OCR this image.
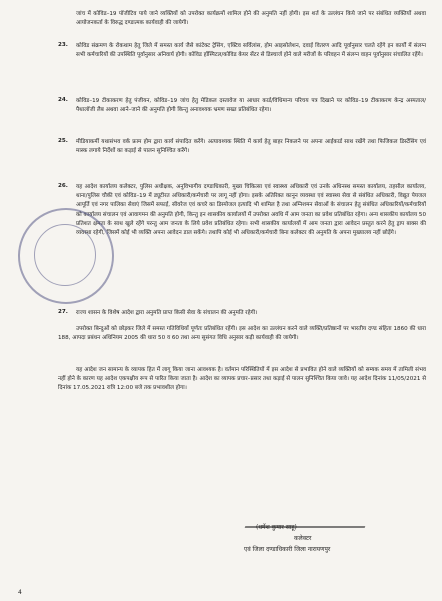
जांच में कोविड–19 पॉजीटिव पाये जाने व्यक्तियों को उपरोक्त कार्यक्रमों शामिल होने की अनुमति नहीं होगी। इस शर्त के उल्लंघन किये जाने पर संबंधित व्यक्तियों अथवा आयोजनकर्ता के विरुद्ध दण्डात्मक कार्यवाही की जायेगी।
23. कोविड संक्रमण के रोकथाम हेतु जिले में समस्त कार्य जैसे कांटेक्ट ट्रेसिंग, एक्टिव सर्विलांस, होम आइसोलेशन, दवाई वितरण आदि पूर्वानुसार चलते रहेंगे इन कार्यों में संलग्न सभी कर्मचारियों की उपस्थिति पूर्वानुसार अनिवार्य होगी। कोविड हॉस्पिटल/कोविड केयर सेंटर से डिस्चार्ज होने वाले मरीजों के परिवहन में संलग्न वाहन पूर्वानुसार संचालित रहेंगे।
24. कोविड–19 टीकाकरण हेतु पंजीयन, कोविड–19 जांच हेतु मेडिकल दस्तावेज या आधार कार्ड/विधिमान्य परिचय पत्र दिखाने पर कोविड–19 टीकाकरण केन्द्र अस्पताल/पैथालॉजी लैब अथवा आने–जाने की अनुमति होगी किन्तु अनावश्यक भ्रमण सख्त प्रतिबंधित रहेगा।
25. मीडियाकर्मी यथासंभव वर्क फ्राम होम द्वारा कार्य संपादित करेंगे। अत्यावश्यक स्थिति में कार्य हेतु बाहर निकलने पर अपना आईकार्ड साथ रखेंगे तथा फिजिकल डिस्टेंसिंग एवं मास्क लगाये निर्देशों का कड़ाई से पालन सुनिश्चित करेंगे।
26. यह आदेश कार्यालय कलेक्टर, पुलिस अधीक्षक, अनुविभागीय दण्डाधिकारी, मुख्य चिकित्सा एवं स्वास्थ्य अधिकारी एवं उनके अधिनस्थ समस्त कार्यालय, तहसील कार्यालय, थाना/पुलिस चौकी एवं कोविड–19 में ड्यूटीरत अधिकारी/कर्मचारी पर लागू नहीं होगा। इसके अतिरिक्त कानून व्यवस्था एवं स्वास्थ्य सेवा से संबंधित अधिकारी, विद्युत पेयजल आपूर्ति एवं नगर पालिका सेवाएं जिसमें सफाई, सीवरेज एवं कचरे का डिस्पोजल इत्यादि भी शामिल है तथा अग्निशमन सेवाओं के संचालन हेतु संबंधित अधिकारियों/कर्मचारियों को कार्यालय संचालन एवं आवागमन की अनुमति होगी, किन्तु इन शासकीय कार्यालयों में उपरोक्त अवधि में आम जनता का प्रवेश प्रतिबंधित रहेगा। अन्य शासकीय कार्यालय 50 प्रतिशत क्षमता के साथ खुले रहेंगे परन्तु आम जनता के लिये प्रवेश प्रतिबंधित रहेगा। सभी शासकीय कार्यालयों में आम जनता द्वारा आवेदन प्रस्तुत करने हेतु ड्राप बाक्स की व्यवस्था रहेगी, जिसमें कोई भी व्यक्ति अपना आवेदन डाल सकेंगे। तथापि कोई भी अधिकारी/कर्मचारी बिना कलेक्टर की अनुमति के अपना मुख्यालय नहीं छोड़ेंगे।
27. राज्य शासन के विशेष आदेश द्वारा अनुमति प्राप्त किसी सेवा के संचालन की अनुमति रहेगी।
उपरोक्त बिन्दुओं को छोड़कर जिले में समस्त गतिविधियाँ पूर्णतः प्रतिबंधित रहेंगी। इस आदेश का उल्लंघन करने वाले व्यक्ति/प्रतिष्ठानों पर भारतीय दण्ड संहिता 1860 की धारा 188, आपदा प्रबंधन अधिनियम 2005 की धारा 50 व 60 तथा अन्य सुसंगत विधि अनुसार कड़ी कार्यवाही की जायेगी।
यह आदेश जन सामान्य के व्यापक हित में लागू किया जाना आवश्यक है। वर्तमान परिस्थितियों में इस आदेश से प्रभावित होने वाले व्यक्तियों को सम्यक समय में तामिली संभव नहीं होने के कारण यह आदेश एकपक्षीय रूप से पारित किया जाता है। आदेश का व्यापक प्रचार–प्रसार तथा कड़ाई से पालन सुनिश्चित किया जावे। यह आदेश दिनांक 11/05/2021 से दिनांक 17.05.2021 रात्रि 12:00 बजे तक प्रभावशील होगा।
(धर्मेश कुमार साहू)
कलेक्टर
एवं जिला दण्डाधिकारी जिला नारायणपुर
4
